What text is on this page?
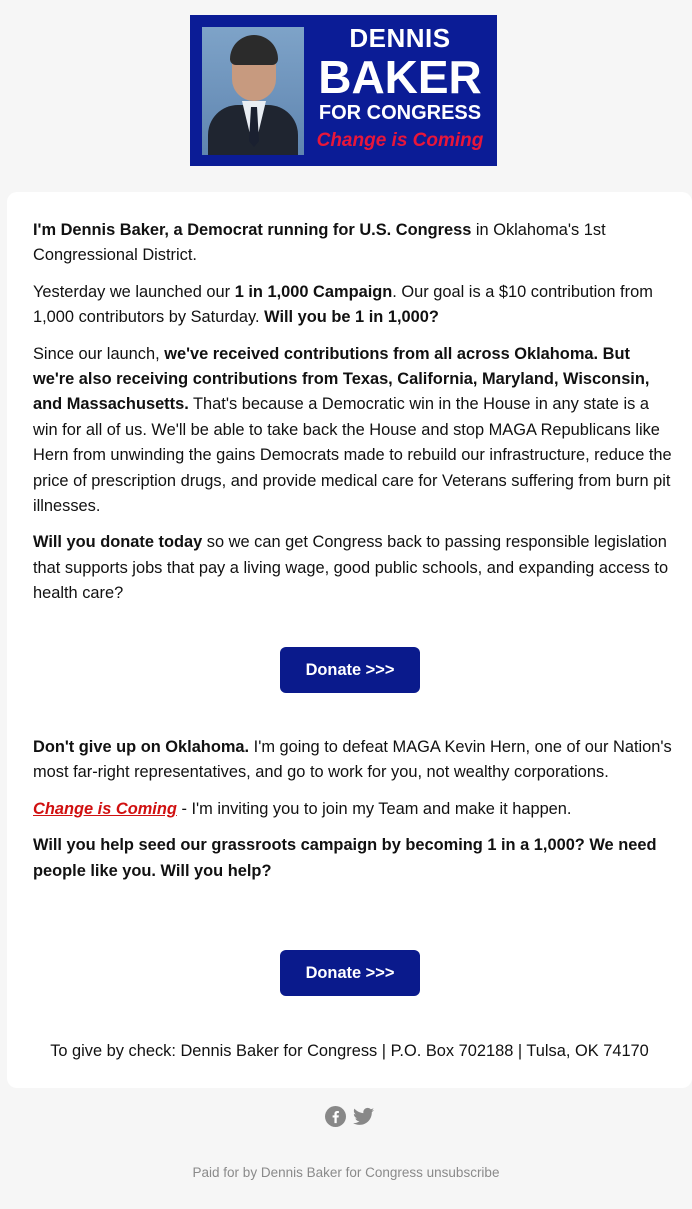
DENNIS
BAKER
FOR CONGRESS
Change is Coming

I'm Dennis Baker, a Democrat running for U.S. Congress in Oklahoma's 1st Congressional District.

Yesterday we launched our 1 in 1,000 Campaign. Our goal is a $10 contribution from 1,000 contributors by Saturday. Will you be 1 in 1,000?

Since our launch, we've received contributions from all across Oklahoma. But we're also receiving contributions from Texas, California, Maryland, Wisconsin, and Massachusetts. That's because a Democratic win in the House in any state is a win for all of us. We'll be able to take back the House and stop MAGA Republicans like Hern from unwinding the gains Democrats made to rebuild our infrastructure, reduce the price of prescription drugs, and provide medical care for Veterans suffering from burn pit illnesses.

Will you donate today so we can get Congress back to passing responsible legislation that supports jobs that pay a living wage, good public schools, and expanding access to health care?

Donate >>>

Don't give up on Oklahoma. I'm going to defeat MAGA Kevin Hern, one of our Nation's most far-right representatives, and go to work for you, not wealthy corporations.

Change is Coming - I'm inviting you to join my Team and make it happen.

Will you help seed our grassroots campaign by becoming 1 in a 1,000? We need people like you. Will you help?

Donate >>>
To give by check: Dennis Baker for Congress | P.O. Box 702188 | Tulsa, OK 74170
Paid for by Dennis Baker for Congress unsubscribe
